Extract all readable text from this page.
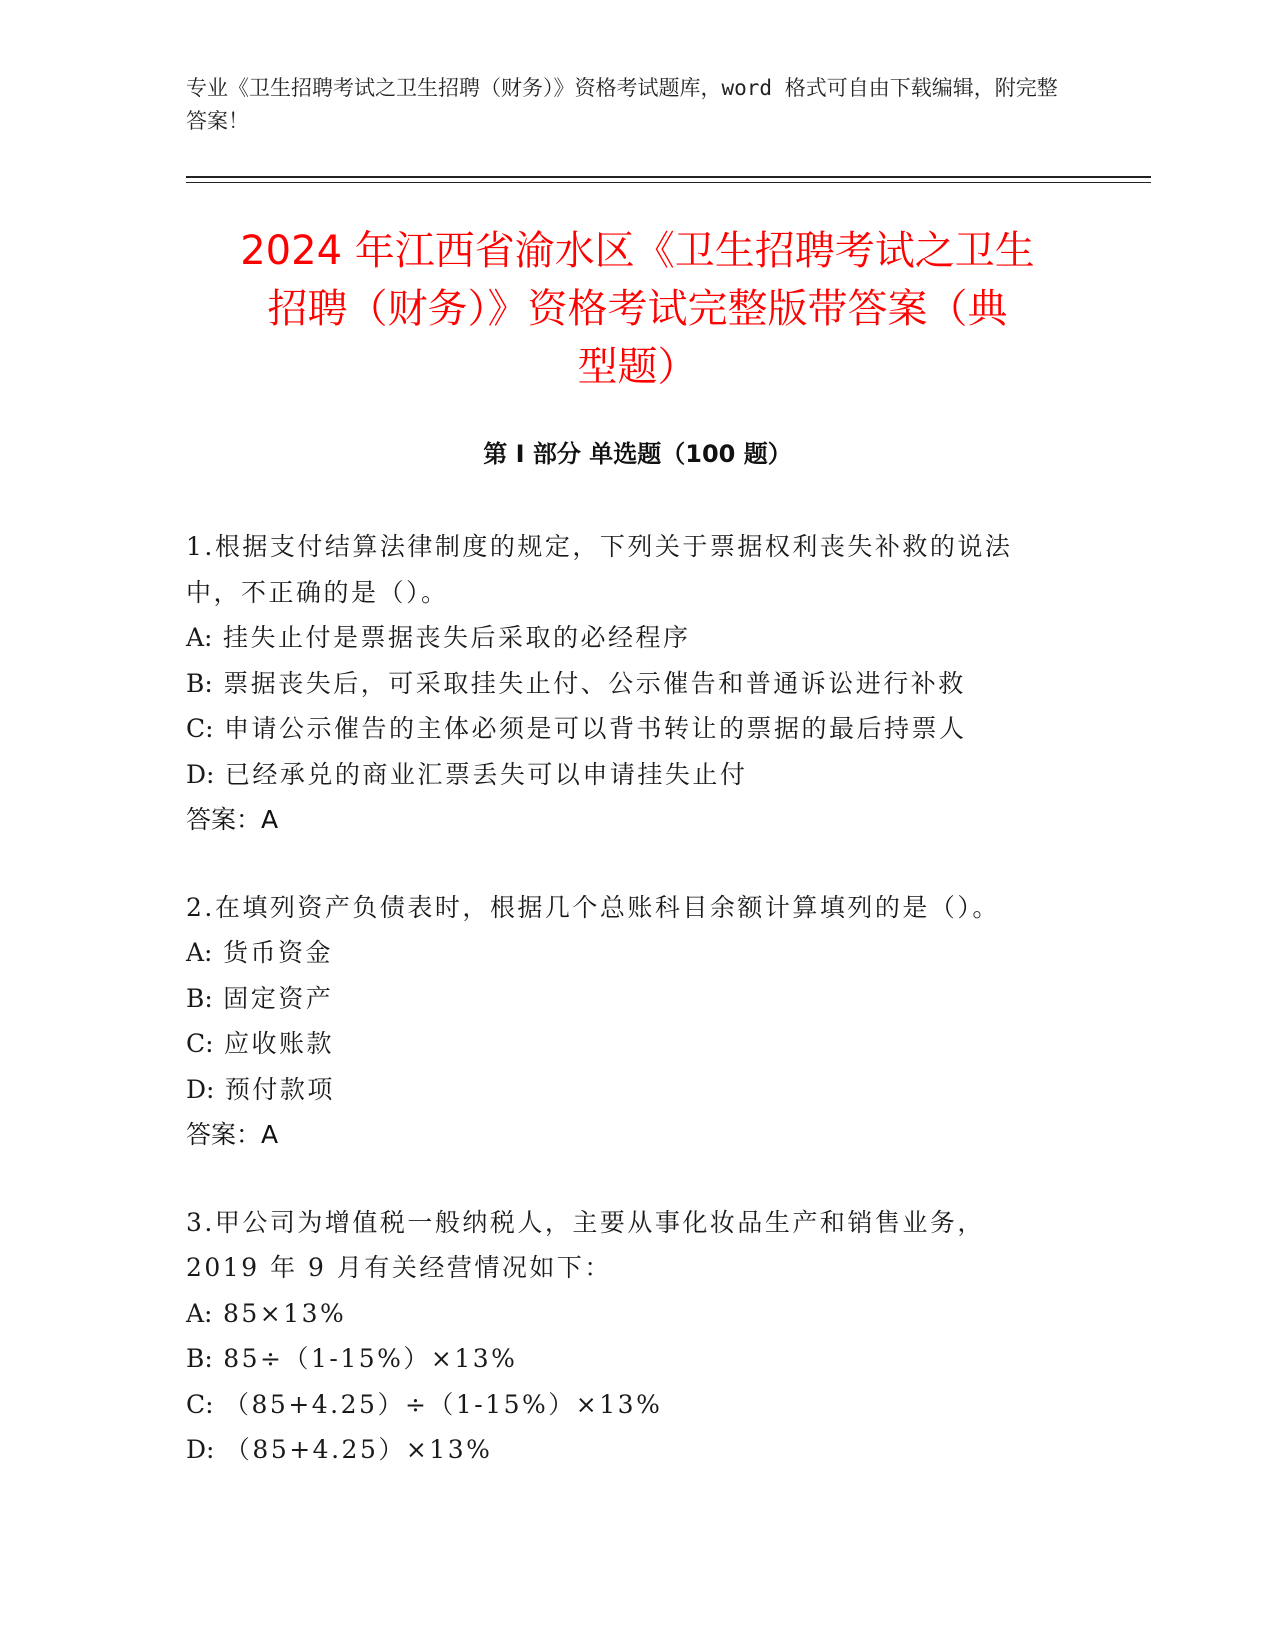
专业《卫生招聘考试之卫生招聘（财务）》资格考试题库，word 格式可自由下载编辑，附完整答案！
2024 年江西省渝水区《卫生招聘考试之卫生
招聘（财务）》资格考试完整版带答案（典
型题）
第 I 部分 单选题（100 题）
1.根据支付结算法律制度的规定，下列关于票据权利丧失补救的说法
中，不正确的是（）。
A: 挂失止付是票据丧失后采取的必经程序
B: 票据丧失后，可采取挂失止付、公示催告和普通诉讼进行补救
C: 申请公示催告的主体必须是可以背书转让的票据的最后持票人
D: 已经承兑的商业汇票丢失可以申请挂失止付
答案：A
2.在填列资产负债表时，根据几个总账科目余额计算填列的是（）。
A: 货币资金
B: 固定资产
C: 应收账款
D: 预付款项
答案：A
3.甲公司为增值税一般纳税人，主要从事化妆品生产和销售业务，
2019 年 9 月有关经营情况如下：
A: 85×13%
B: 85÷（1-15%）×13%
C: （85+4.25）÷（1-15%）×13%
D: （85+4.25）×13%
